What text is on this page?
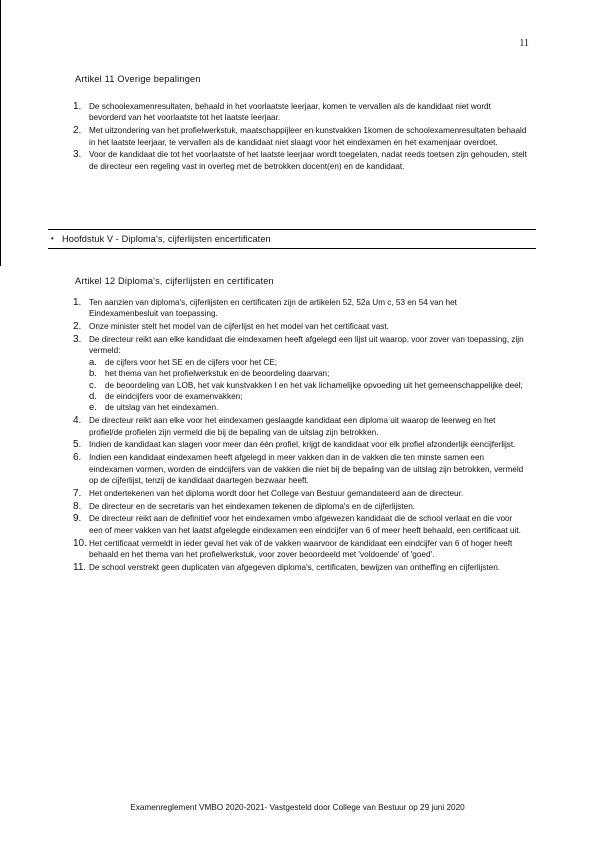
11
Artikel 11 Overige bepalingen
1. De schoolexamenresultaten, behaald in het voorlaatste leerjaar, komen te vervallen als de kandidaat niet wordt bevorderd van het voorlaatste tot het laatste leerjaar.
2. Met uitzondering van het profielwerkstuk, maatschappijleer en kunstvakken 1komen de schoolexamenresultaten behaald in het laatste leerjaar, te vervallen als de kandidaat niet slaagt voor het eindexamen en het examenjaar overdoet.
3. Voor de kandidaat die tot het voorlaatste of het laatste leerjaar wordt toegelaten, nadat reeds toetsen zijn gehouden, stelt de directeur een regeling vast in overleg met de betrokken docent(en) en de kandidaat.
• Hoofdstuk V - Diploma's, cijferlijsten encertificaten
Artikel 12 Diploma's, cijferlijsten en certificaten
1. Ten aanzien van diploma's, cijferlijsten en certificaten zijn de artikelen 52, 52a Um c, 53 en 54 van het Eindexamenbesluit van toepassing.
2. Onze minister stelt het model van de cijferlijst en het model van het certificaat vast.
3. De directeur reikt aan elke kandidaat die eindexamen heeft afgelegd een lijst uit waarop, voor zover van toepassing, zijn vermeld:
a. de cijfers voor het SE en de cijfers voor het CE;
b. het thema van het profielwerkstuk en de beoordeling daarvan;
c. de beoordeling van LOB, het vak kunstvakken I en het vak lichamelijke opvoeding uit het gemeenschappelijke deel;
d. de eindcijfers voor de examenvakken;
e. de uitslag van het eindexamen.
4. De directeur reikt aan elke voor het eindexamen geslaagde kandidaat een diploma uit waarop de leerweg en het profiel/de profielen zijn vermeld die bij de bepaling van de uitslag zijn betrokken.
5. Indien de kandidaat kan slagen voor meer dan één profiel, krijgt de kandidaat voor elk profiel afzonderlijk eencijferlijst.
6. Indien een kandidaat eindexamen heeft afgelegd in meer vakken dan in de vakken die ten minste samen een eindexamen vormen, worden de eindcijfers van de vakken die niet bij de bepaling van de uitslag zijn betrokken, vermeld op de cijferlijst, tenzij de kandidaat daartegen bezwaar heeft.
7. Het ondertekenen van het diploma wordt door het College van Bestuur gemandateerd aan de directeur.
8. De directeur en de secretaris van het eindexamen tekenen de diploma's en de cijferlijsten.
9. De directeur reikt aan de definitief voor het eindexamen vmbo afgewezen kandidaat die de school verlaat en die voor een of meer vakken van het laatst afgelegde eindexamen een eindcijfer van 6 of meer heeft behaald, een certificaat uit.
10. Het certificaat vermeldt in ieder geval het vak of de vakken waarvoor de kandidaat een eindcijfer van 6 of hoger heeft behaald en het thema van het profielwerkstuk, voor zover beoordeeld met 'voldoende' of 'goed'.
11. De school verstrekt geen duplicaten van afgegeven diploma's, certificaten, bewijzen van ontheffing en cijferlijsten.
Examenreglement VMBO 2020-2021- Vastgesteld door College van Bestuur op 29 juni 2020
